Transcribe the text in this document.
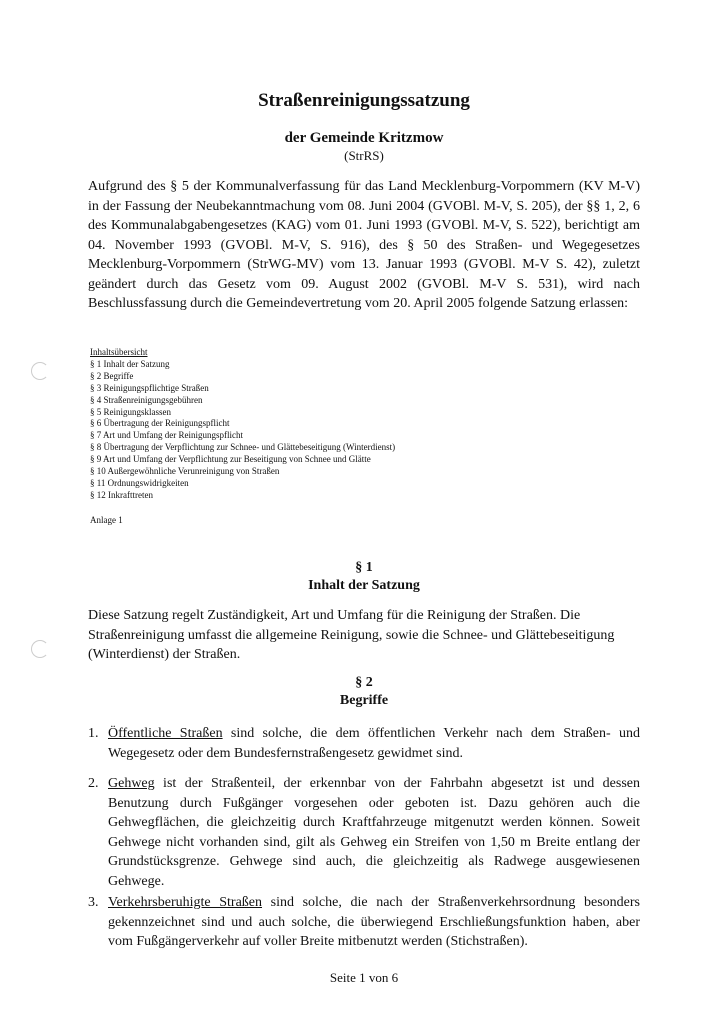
Straßenreinigungssatzung
der Gemeinde Kritzmow
(StrRS)
Aufgrund des § 5 der Kommunalverfassung für das Land Mecklenburg-Vorpommern (KV M-V) in der Fassung der Neubekanntmachung vom 08. Juni 2004 (GVOBl. M-V, S. 205), der §§ 1, 2, 6 des Kommunalabgabengesetzes (KAG) vom 01. Juni 1993 (GVOBl. M-V, S. 522), berichtigt am 04. November 1993 (GVOBl. M-V, S. 916), des § 50 des Straßen- und Wegegesetzes Mecklenburg-Vorpommern (StrWG-MV) vom 13. Januar 1993 (GVOBl. M-V S. 42), zuletzt geändert durch das Gesetz vom 09. August 2002 (GVOBl. M-V S. 531), wird nach Beschlussfassung durch die Gemeindevertretung vom 20. April 2005 folgende Satzung erlassen:
Inhaltsübersicht
§ 1 Inhalt der Satzung
§ 2 Begriffe
§ 3 Reinigungspflichtige Straßen
§ 4 Straßenreinigungsgebühren
§ 5 Reinigungsklassen
§ 6 Übertragung der Reinigungspflicht
§ 7 Art und Umfang der Reinigungspflicht
§ 8 Übertragung der Verpflichtung zur Schnee- und Glättebeseitigung (Winterdienst)
§ 9 Art und Umfang der Verpflichtung zur Beseitigung von Schnee und Glätte
§ 10 Außergewöhnliche Verunreinigung von Straßen
§ 11 Ordnungswidrigkeiten
§ 12 Inkrafttreten
Anlage 1
§ 1
Inhalt der Satzung
Diese Satzung regelt Zuständigkeit, Art und Umfang für die Reinigung der Straßen. Die Straßenreinigung umfasst die allgemeine Reinigung, sowie die Schnee- und Glättebeseitigung (Winterdienst) der Straßen.
§ 2
Begriffe
1. Öffentliche Straßen sind solche, die dem öffentlichen Verkehr nach dem Straßen- und Wegegesetz oder dem Bundesfernstraßengesetz gewidmet sind.
2. Gehweg ist der Straßenteil, der erkennbar von der Fahrbahn abgesetzt ist und dessen Benutzung durch Fußgänger vorgesehen oder geboten ist. Dazu gehören auch die Gehwegflächen, die gleichzeitig durch Kraftfahrzeuge mitgenutzt werden können. Soweit Gehwege nicht vorhanden sind, gilt als Gehweg ein Streifen von 1,50 m Breite entlang der Grundstücksgrenze. Gehwege sind auch, die gleichzeitig als Radwege ausgewiesenen Gehwege.
3. Verkehrsberuhigte Straßen sind solche, die nach der Straßenverkehrsordnung besonders gekennzeichnet sind und auch solche, die überwiegend Erschließungsfunktion haben, aber vom Fußgängerverkehr auf voller Breite mitbenutzt werden (Stichstraßen).
Seite 1 von 6
